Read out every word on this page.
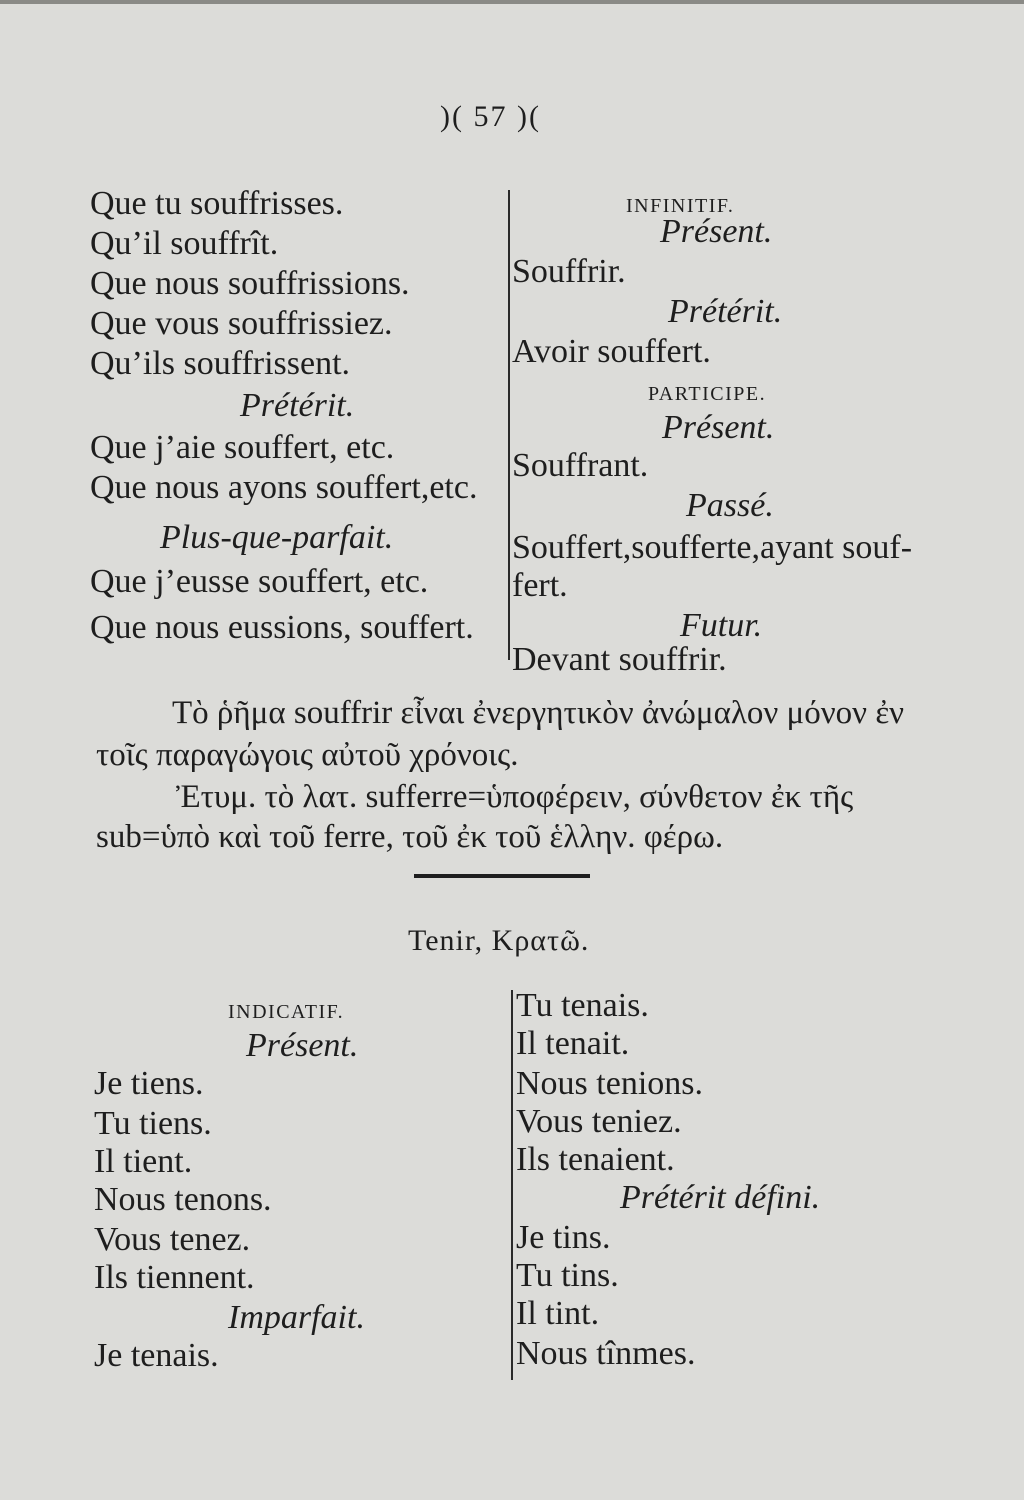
)( 57 )(
Que tu souffrisses.
Qu’il souffrît.
Que nous souffrissions.
Que vous souffrissiez.
Qu’ils souffrissent.
Prétérit.
Que j’aie souffert, etc.
Que nous ayons souffert,etc.
Plus-que-parfait.
Que j’eusse souffert, etc.
Que nous eussions, souffert.
INFINITIF.
Présent.
Souffrir.
Prétérit.
Avoir souffert.
PARTICIPE.
Présent.
Souffrant.
Passé.
Souffert,soufferte,ayant souf-
fert.
Futur.
Devant souffrir.
Τὸ ῥῆμα souffrir εἶναι ἐνεργητικὸν ἀνώμαλον μόνον ἐν
τοῖς παραγώγοις αὐτοῦ χρόνοις.
Ἐτυμ. τὸ λατ. sufferre=ὑποφέρειν, σύνθετον ἐκ τῆς
sub=ὑπὸ καὶ τοῦ ferre, τοῦ ἐκ τοῦ ἑλλην. φέρω.
Tenir, Κρατῶ.
INDICATIF.
Présent.
Je tiens.
Tu tiens.
Il tient.
Nous tenons.
Vous tenez.
Ils tiennent.
Imparfait.
Je tenais.
Tu tenais.
Il tenait.
Nous tenions.
Vous teniez.
Ils tenaient.
Prétérit défini.
Je tins.
Tu tins.
Il tint.
Nous tînmes.
